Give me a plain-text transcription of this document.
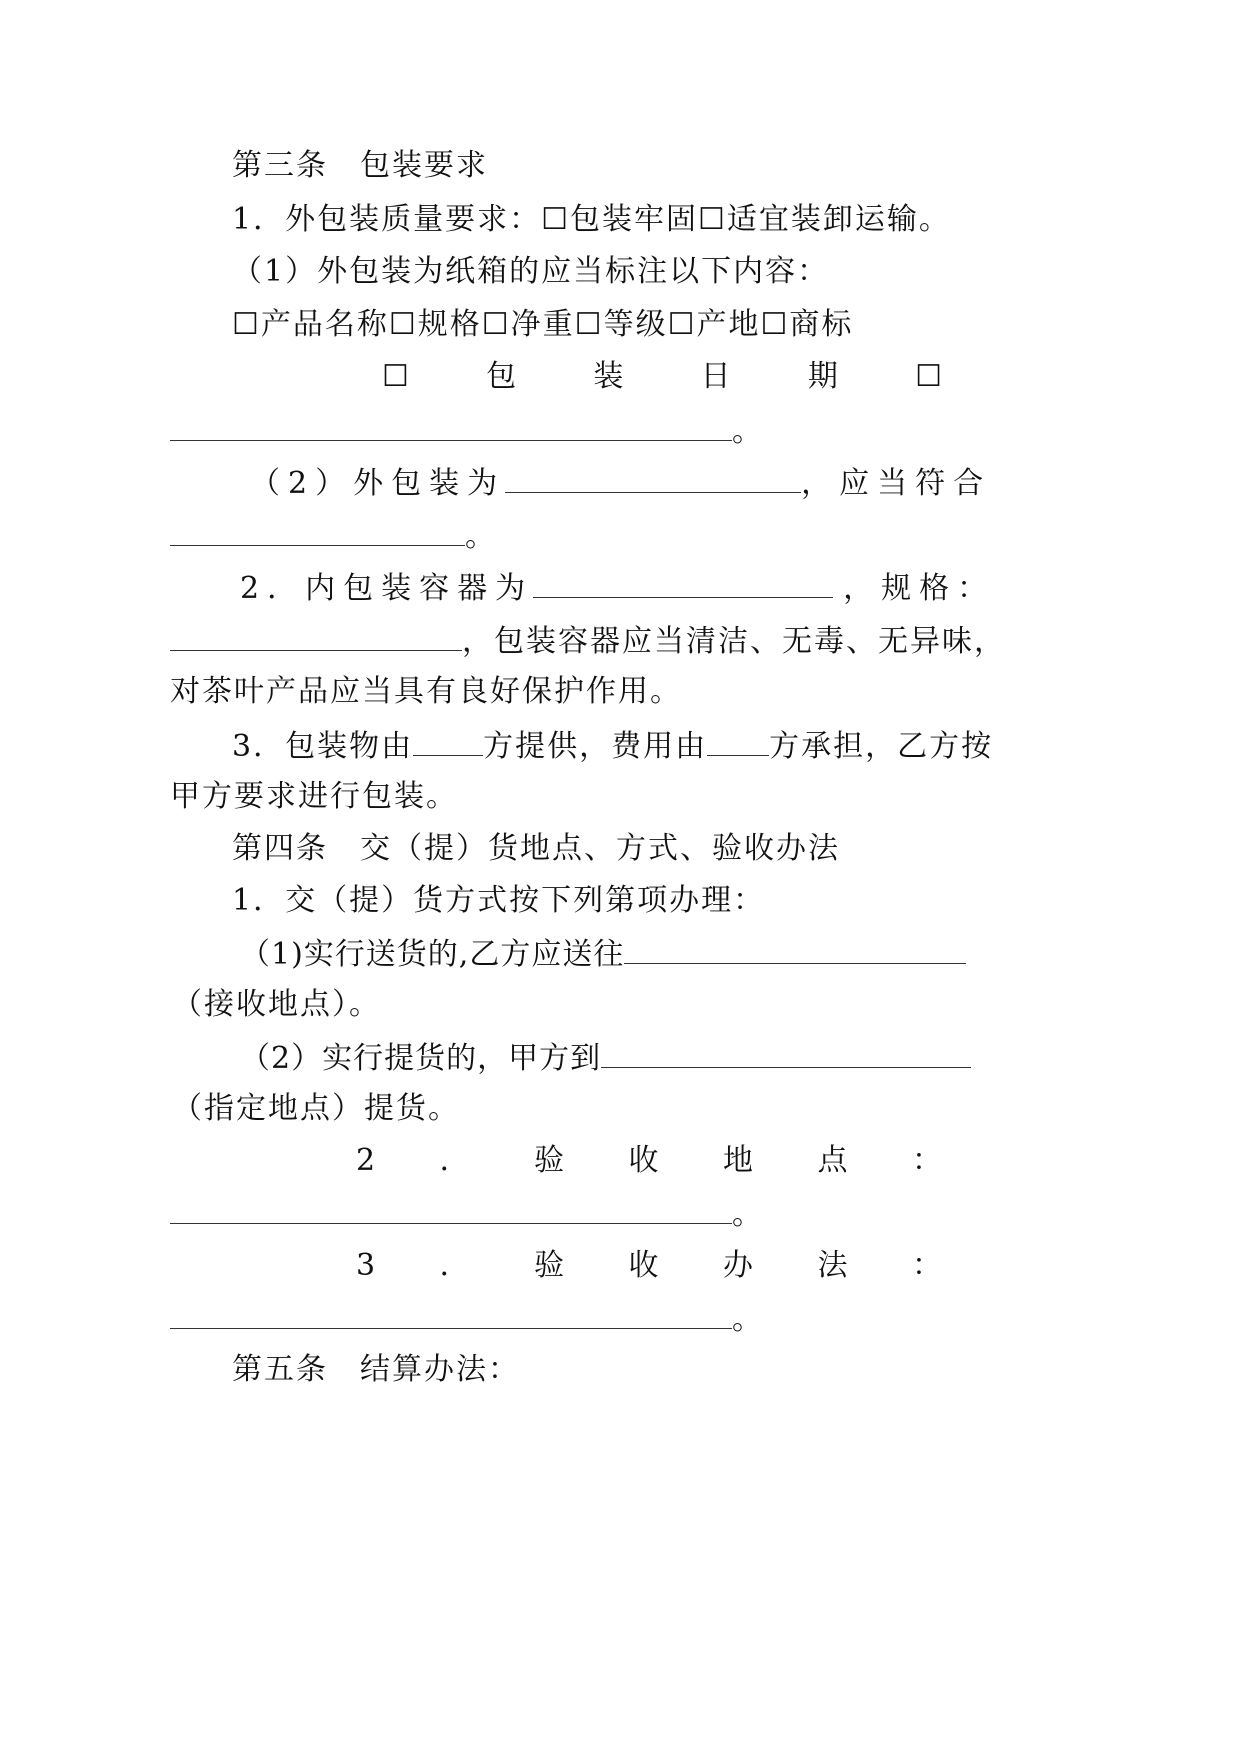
第三条　包装要求
1．外包装质量要求：☐包装牢固☐适宜装卸运输。
（1）外包装为纸箱的应当标注以下内容：
☐产品名称☐规格☐净重☐等级☐产地☐商标
☐	包	装	日	期	☐
。
（2）外包装为	，应当符合
。
2．内包装容器为	，规格：
，包装容器应当清洁、无毒、无异味，
对茶叶产品应当具有良好保护作用。
3．包装物由 方提供，费用由 方承担，乙方按
甲方要求进行包装。
第四条　交（提）货地点、方式、验收办法
1．交（提）货方式按下列第项办理：
（1)实行送货的,乙方应送往
（接收地点）。
（2）实行提货的，甲方到
（指定地点）提货。
2 ． 验 收 地 点 ：
。
3 ． 验 收 办 法 ：
。
第五条　结算办法：
